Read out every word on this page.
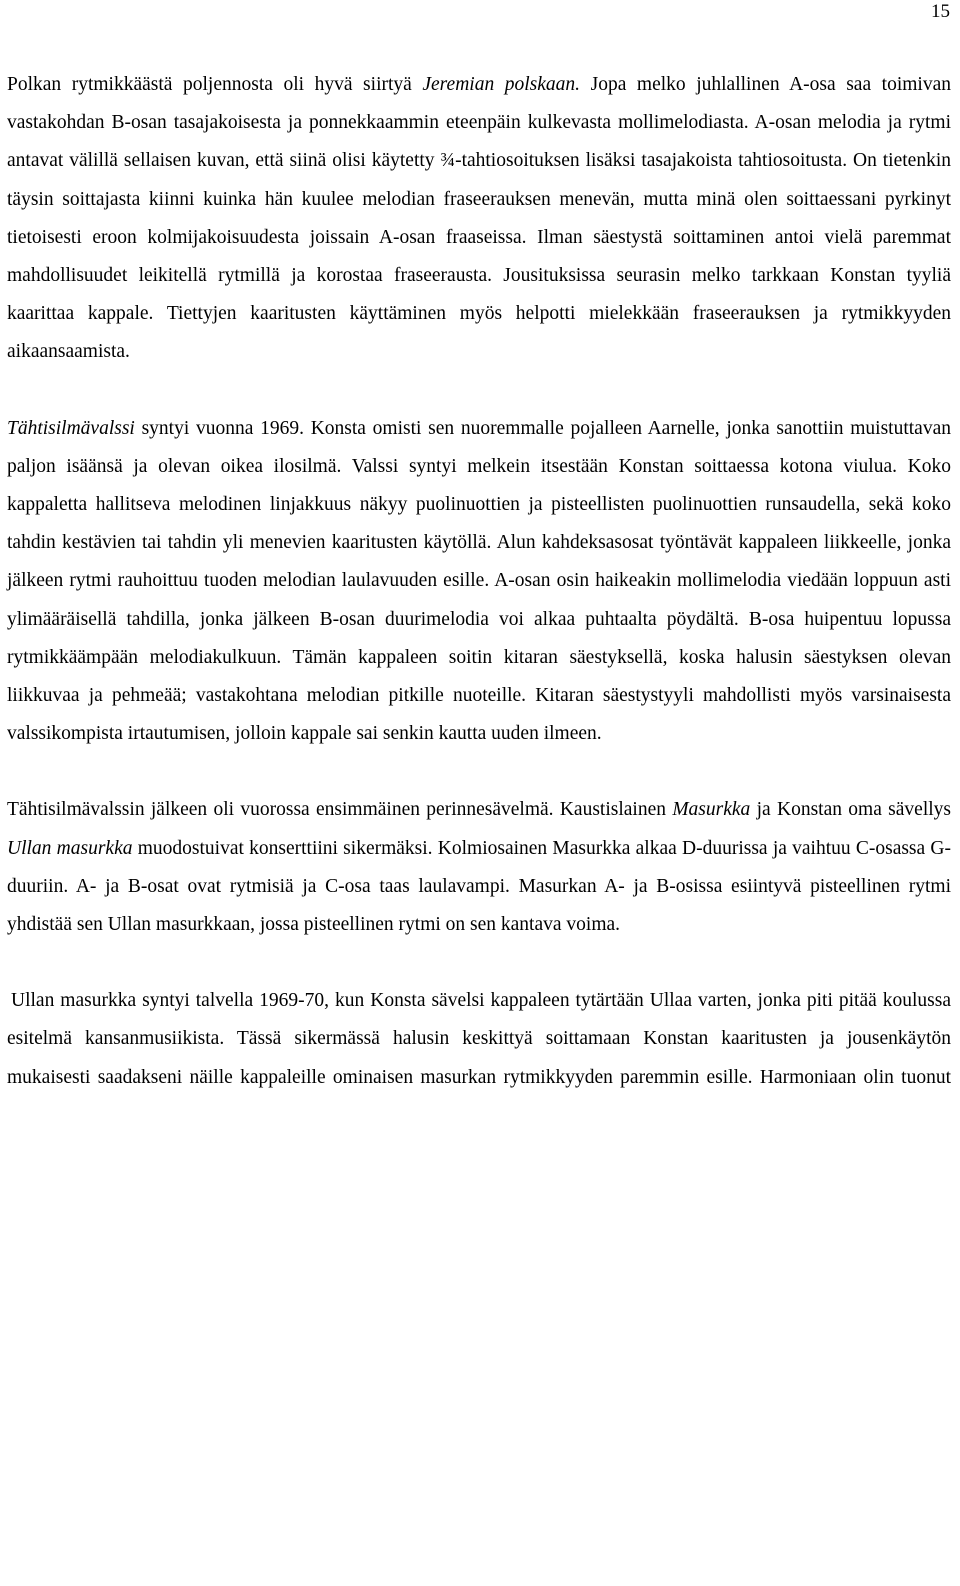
15

Polkan rytmikkäästä poljennosta oli hyvä siirtyä Jeremian polskaan. Jopa melko juhlallinen A-osa saa toimivan vastakohdan B-osan tasajakoisesta ja ponnekkaammin eteenpäin kulkevasta mollimelodiasta. A-osan melodia ja rytmi antavat välillä sellaisen kuvan, että siinä olisi käytetty ¾-tahtiosoituksen lisäksi tasajakoista tahtiosoitusta. On tietenkin täysin soittajasta kiinni kuinka hän kuulee melodian fraseerauksen menevän, mutta minä olen soittaessani pyrkinyt tietoisesti eroon kolmijakoisuudesta joissain A-osan fraaseissa. Ilman säestystä soittaminen antoi vielä paremmat mahdollisuudet leikitellä rytmillä ja korostaa fraseerausta. Jousituksissa seurasin melko tarkkaan Konstan tyyliä kaarittaa kappale. Tiettyjen kaaritusten käyttäminen myös helpotti mielekkään fraseerauksen ja rytmikkyyden aikaansaamista.

Tähtisilmävalssi syntyi vuonna 1969. Konsta omisti sen nuoremmalle pojalleen Aarnelle, jonka sanottiin muistuttavan paljon isäänsä ja olevan oikea ilosilmä. Valssi syntyi melkein itsestään Konstan soittaessa kotona viulua. Koko kappaletta hallitseva melodinen linjakkuus näkyy puolinuottien ja pisteellisten puolinuottien runsaudella, sekä koko tahdin kestävien tai tahdin yli menevien kaaritusten käytöllä. Alun kahdeksasosat työntävät kappaleen liikkeelle, jonka jälkeen rytmi rauhoittuu tuoden melodian laulavuuden esille. A-osan osin haikeakin mollimelodia viedään loppuun asti ylimääräisellä tahdilla, jonka jälkeen B-osan duurimelodia voi alkaa puhtaalta pöydältä. B-osa huipentuu lopussa rytmikkäämpään melodiakulkuun. Tämän kappaleen soitin kitaran säestyksellä, koska halusin säestyksen olevan liikkuvaa ja pehmeää; vastakohtana melodian pitkille nuoteille. Kitaran säestystyyli mahdollisti myös varsinaisesta valssikompista irtautumisen, jolloin kappale sai senkin kautta uuden ilmeen.

Tähtisilmävalssin jälkeen oli vuorossa ensimmäinen perinnesävelmä. Kaustislainen Masurkka ja Konstan oma sävellys Ullan masurkka muodostuivat konserttiini sikermäksi. Kolmiosainen Masurkka alkaa D-duurissa ja vaihtuu C-osassa G-duuriin. A- ja B-osat ovat rytmisiä ja C-osa taas laulavampi. Masurkan A- ja B-osissa esiintyvä pisteellinen rytmi yhdistää sen Ullan masurkkaan, jossa pisteellinen rytmi on sen kantava voima.

Ullan masurkka syntyi talvella 1969-70, kun Konsta sävelsi kappaleen tytärtään Ullaa varten, jonka piti pitää koulussa esitelmä kansanmusiikista. Tässä sikermässä halusin keskittyä soittamaan Konstan kaaritusten ja jousenkäytön mukaisesti saadakseni näille kappaleille ominaisen masurkan rytmikkyyden paremmin esille. Harmoniaan olin tuonut
